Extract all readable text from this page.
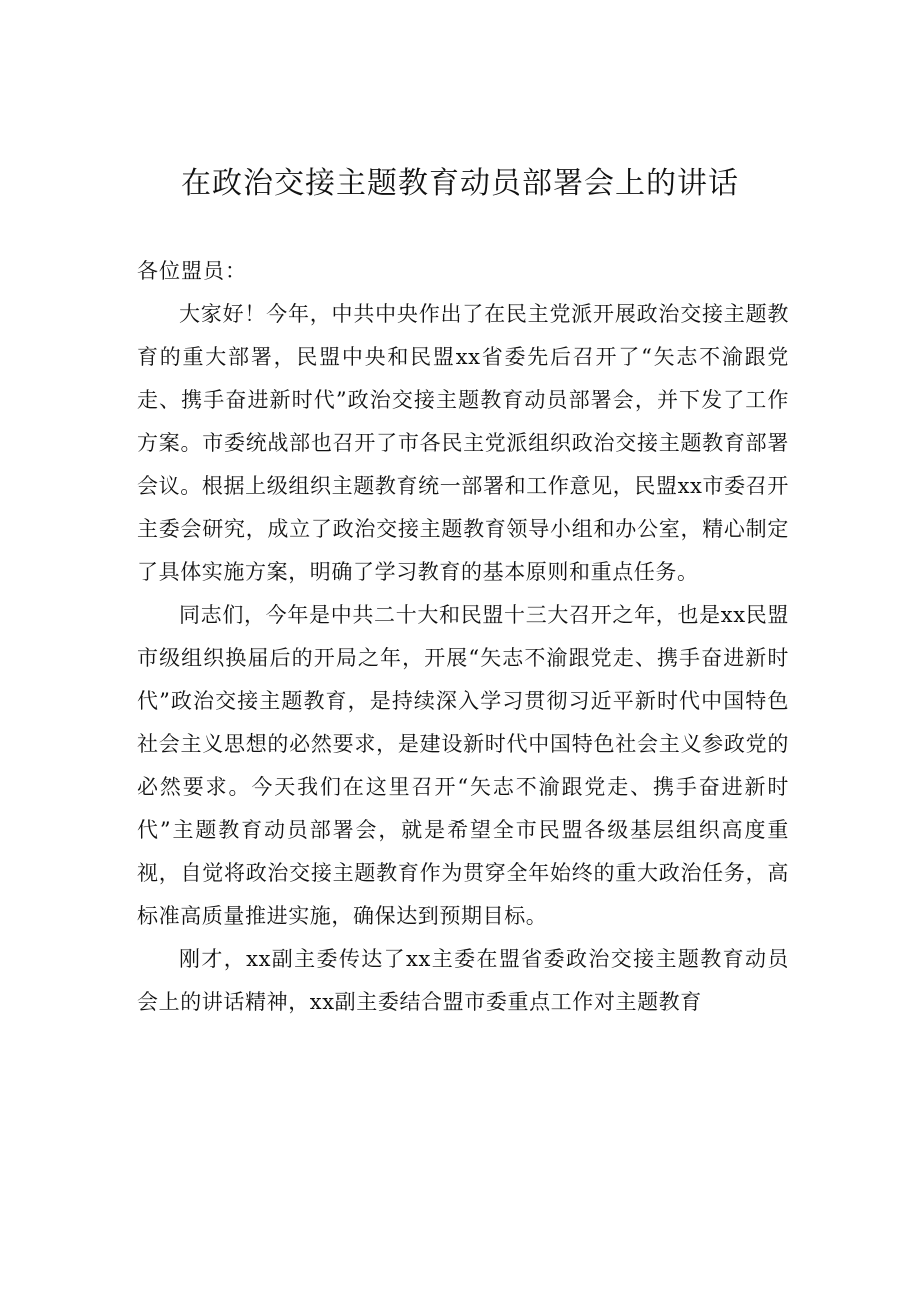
在政治交接主题教育动员部署会上的讲话

各位盟员：

大家好！今年，中共中央作出了在民主党派开展政治交接主题教育的重大部署，民盟中央和民盟xx省委先后召开了“矢志不渝跟党走、携手奋进新时代”政治交接主题教育动员部署会，并下发了工作方案。市委统战部也召开了市各民主党派组织政治交接主题教育部署会议。根据上级组织主题教育统一部署和工作意见，民盟xx市委召开主委会研究，成立了政治交接主题教育领导小组和办公室，精心制定了具体实施方案，明确了学习教育的基本原则和重点任务。

同志们，今年是中共二十大和民盟十三大召开之年，也是xx民盟市级组织换届后的开局之年，开展“矢志不渝跟党走、携手奋进新时代”政治交接主题教育，是持续深入学习贯彻习近平新时代中国特色社会主义思想的必然要求，是建设新时代中国特色社会主义参政党的必然要求。今天我们在这里召开“矢志不渝跟党走、携手奋进新时代”主题教育动员部署会，就是希望全市民盟各级基层组织高度重视，自觉将政治交接主题教育作为贯穿全年始终的重大政治任务，高标准高质量推进实施，确保达到预期目标。

刚才，xx副主委传达了xx主委在盟省委政治交接主题教育动员会上的讲话精神，xx副主委结合盟市委重点工作对主题教育
